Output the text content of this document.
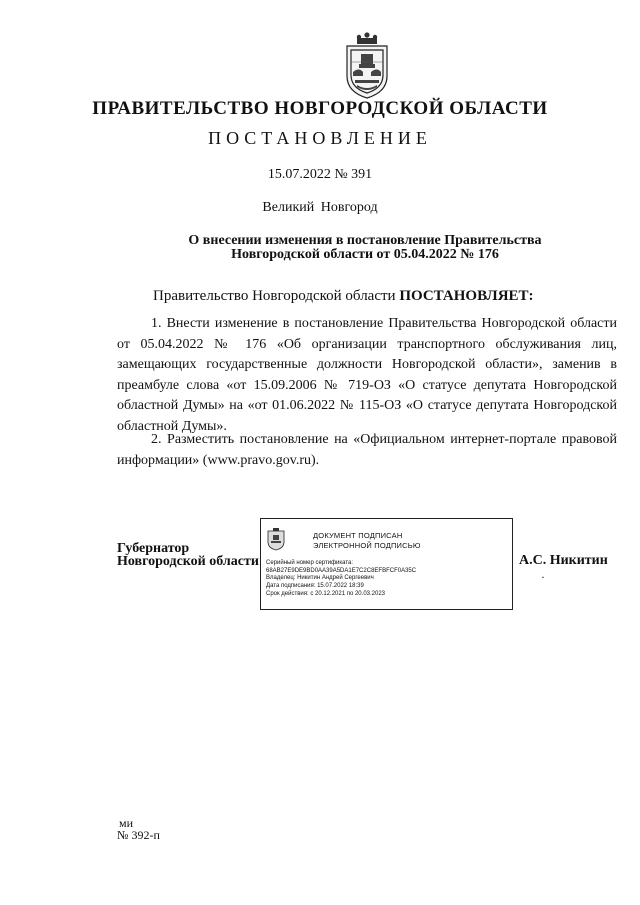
ПРАВИТЕЛЬСТВО НОВГОРОДСКОЙ ОБЛАСТИ
ПОСТАНОВЛЕНИЕ
15.07.2022 № 391
Великий Новгород
О внесении изменения в постановление Правительства
Новгородской области от 05.04.2022 № 176
Правительство Новгородской области ПОСТАНОВЛЯЕТ:
1. Внести изменение в постановление Правительства Новгородской области от 05.04.2022 № 176 «Об организации транспортного обслуживания лиц, замещающих государственные должности Новгородской области», заменив в преамбуле слова «от 15.09.2006 № 719-ОЗ «О статусе депутата Новгородской областной Думы» на «от 01.06.2022 № 115-ОЗ «О статусе депутата Новгородской областной Думы».
2. Разместить постановление на «Официальном интернет-портале правовой информации» (www.pravo.gov.ru).
Губернатор
Новгородской области
ДОКУМЕНТ ПОДПИСАН
ЭЛЕКТРОННОЙ ПОДПИСЬЮ
Серийный номер сертификата:
68AB27E9DE9BD0AA39A5DA1E7C2C8EFBFCF0A35C
Владелец: Никитин Андрей Сергеевич
Дата подписания: 15.07.2022 18:39
Срок действия: с 20.12.2021 по 20.03.2023
А.С. Никитин
·
ми
№ 392-п
